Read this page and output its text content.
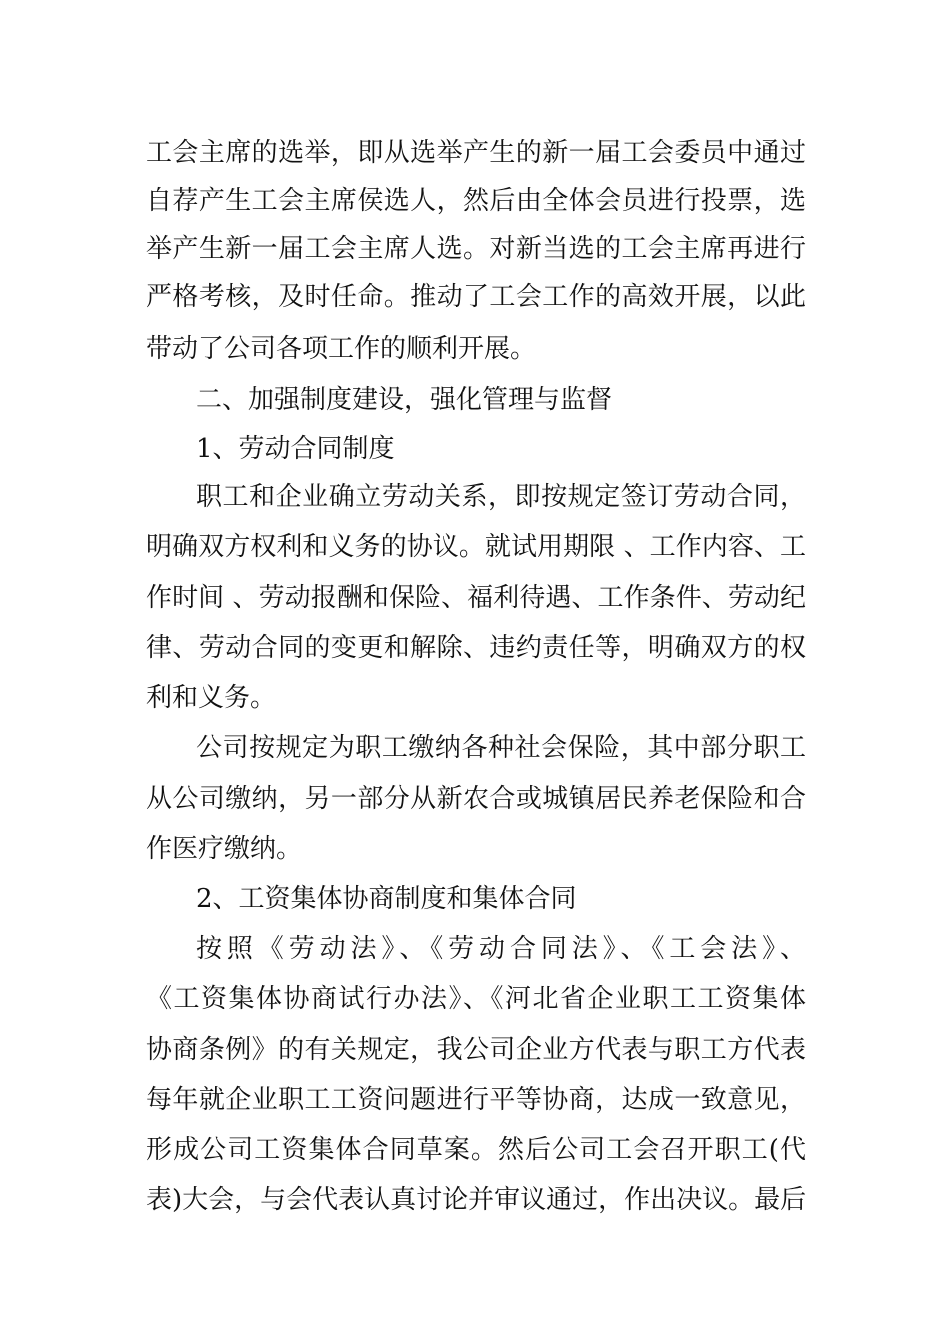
工会主席的选举，即从选举产生的新一届工会委员中通过
自荐产生工会主席侯选人，然后由全体会员进行投票，选
举产生新一届工会主席人选。对新当选的工会主席再进行
严格考核，及时任命。推动了工会工作的高效开展，以此
带动了公司各项工作的顺利开展。
二、加强制度建设，强化管理与监督
1、劳动合同制度
职工和企业确立劳动关系，即按规定签订劳动合同，
明确双方权利和义务的协议。就试用期限 、工作内容、工
作时间 、劳动报酬和保险、福利待遇、工作条件、劳动纪
律、劳动合同的变更和解除、违约责任等，明确双方的权
利和义务。
公司按规定为职工缴纳各种社会保险，其中部分职工
从公司缴纳，另一部分从新农合或城镇居民养老保险和合
作医疗缴纳。
2、工资集体协商制度和集体合同
按照《劳动法》、《劳动合同法》、《工会法》、
《工资集体协商试行办法》、《河北省企业职工工资集体
协商条例》的有关规定，我公司企业方代表与职工方代表
每年就企业职工工资问题进行平等协商，达成一致意见，
形成公司工资集体合同草案。然后公司工会召开职工(代
表)大会，与会代表认真讨论并审议通过，作出决议。最后
